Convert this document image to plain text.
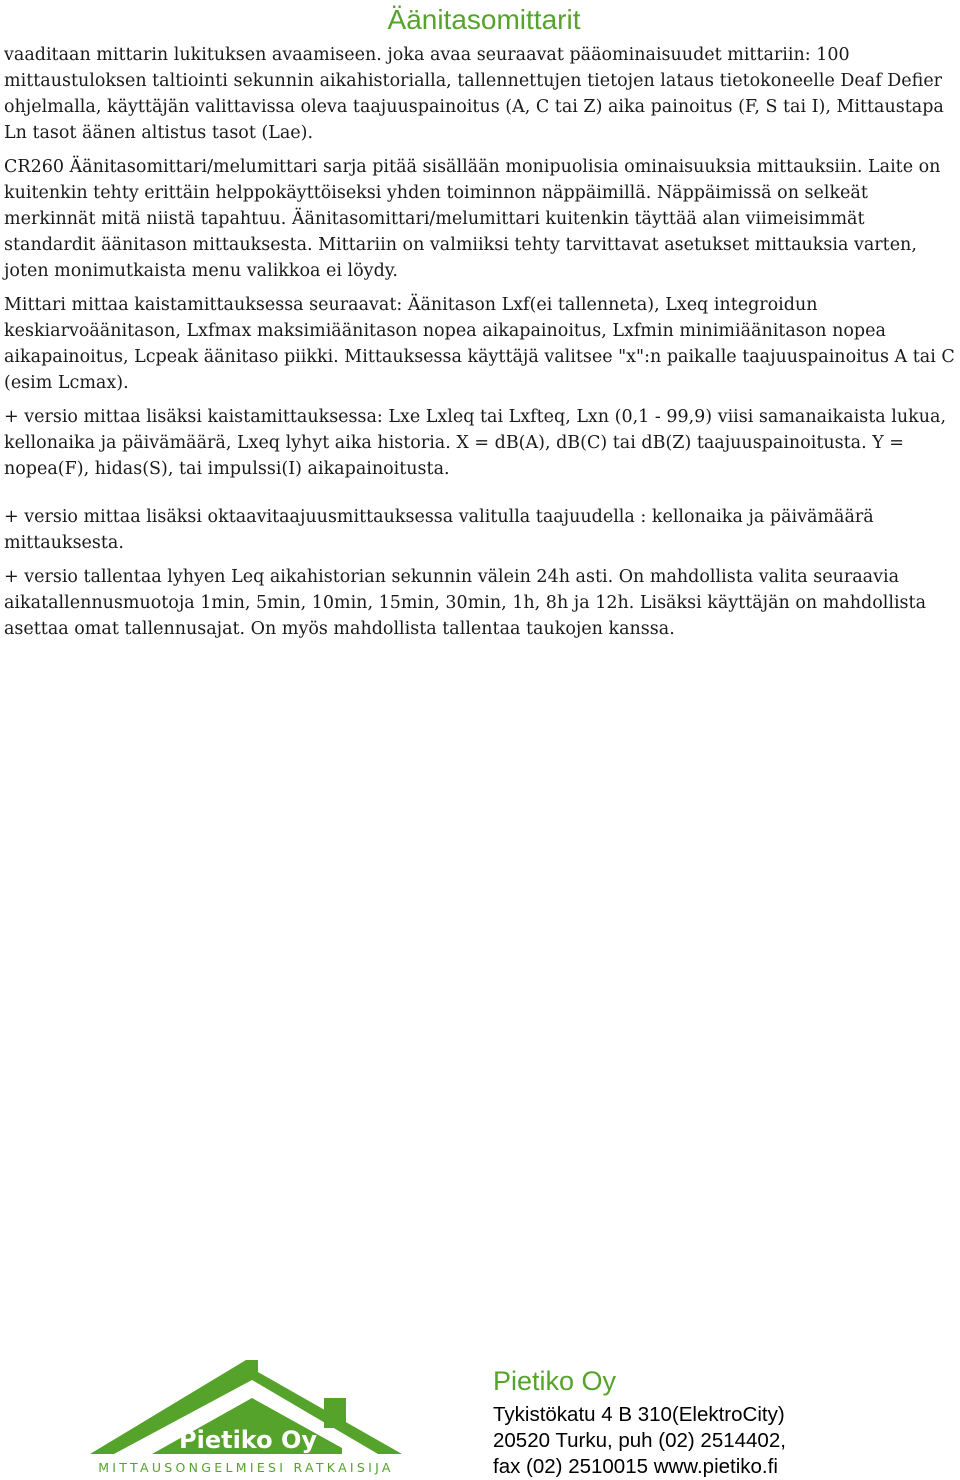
Äänitasomittarit

vaaditaan mittarin lukituksen avaamiseen. joka avaa seuraavat pääominaisuudet mittariin: 100 mittaustuloksen taltiointi sekunnin aikahistorialla, tallennettujen tietojen lataus tietokoneelle Deaf Defier ohjelmalla, käyttäjän valittavissa oleva taajuuspainoitus (A, C tai Z) aika painoitus (F, S tai I), Mittaustapa Ln tasot äänen altistus tasot (Lae).

CR260 Äänitasomittari/melumittari sarja pitää sisällään monipuolisia ominaisuuksia mittauksiin. Laite on kuitenkin tehty erittäin helppokäyttöiseksi yhden toiminnon näppäimillä. Näppäimissä on selkeät merkinnät mitä niistä tapahtuu. Äänitasomittari/melumittari kuitenkin täyttää alan viimeisimmät standardit äänitason mittauksesta. Mittariin on valmiiksi tehty tarvittavat asetukset mittauksia varten, joten monimutkaista menu valikkoa ei löydy.

Mittari mittaa kaistamittauksessa seuraavat: Äänitason Lxf(ei tallenneta), Lxeq integroidun keskiarvoäänitason, Lxfmax maksimiäänitason nopea aikapainoitus, Lxfmin minimiäänitason nopea aikapainoitus, Lcpeak äänitaso piikki. Mittauksessa käyttäjä valitsee "x":n paikalle taajuuspainoitus A tai C (esim Lcmax).

+ versio mittaa lisäksi kaistamittauksessa: Lxe Lxleq tai Lxfteq, Lxn (0,1 - 99,9) viisi samanaikaista lukua, kellonaika ja päivämäärä, Lxeq lyhyt aika historia. X = dB(A), dB(C) tai dB(Z) taajuuspainoitusta. Y = nopea(F), hidas(S), tai impulssi(I) aikapainoitusta.

+ versio mittaa lisäksi oktaavitaajuusmittauksessa valitulla taajuudella : kellonaika ja päivämäärä mittauksesta.

+ versio tallentaa lyhyen Leq aikahistorian sekunnin välein 24h asti. On mahdollista valita seuraavia aikatallennusmuotoja 1min, 5min, 10min, 15min, 30min, 1h, 8h ja 12h. Lisäksi käyttäjän on mahdollista asettaa omat tallennusajat. On myös mahdollista tallentaa taukojen kanssa.

Pietiko Oy
MITTAUSONGELMIESI RATKAISIJA
Pietiko Oy
Tykistökatu 4 B 310(ElektroCity)
20520 Turku, puh (02) 2514402,
fax (02) 2510015 www.pietiko.fi
